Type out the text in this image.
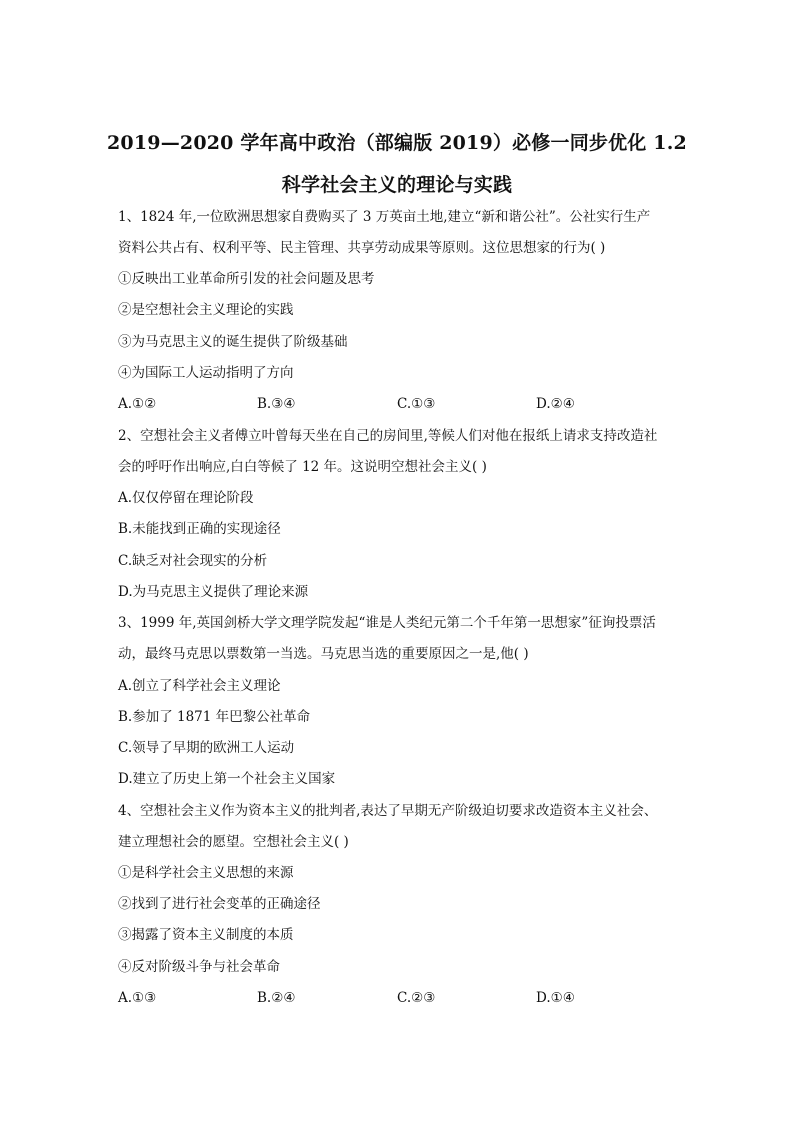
2019—2020 学年高中政治（部编版 2019）必修一同步优化 1.2
科学社会主义的理论与实践
1、1824 年,一位欧洲思想家自费购买了 3 万英亩土地,建立“新和谐公社”。公社实行生产
资料公共占有、权利平等、民主管理、共享劳动成果等原则。这位思想家的行为( )
①反映出工业革命所引发的社会问题及思考
②是空想社会主义理论的实践
③为马克思主义的诞生提供了阶级基础
④为国际工人运动指明了方向
A.①②	B.③④	C.①③	D.②④
2、空想社会主义者傅立叶曾每天坐在自己的房间里,等候人们对他在报纸上请求支持改造社
会的呼吁作出响应,白白等候了 12 年。这说明空想社会主义( )
A.仅仅停留在理论阶段
B.未能找到正确的实现途径
C.缺乏对社会现实的分析
D.为马克思主义提供了理论来源
3、1999 年,英国剑桥大学文理学院发起“谁是人类纪元第二个千年第一思想家”征询投票活
动，最终马克思以票数第一当选。马克思当选的重要原因之一是,他( )
A.创立了科学社会主义理论
B.参加了 1871 年巴黎公社革命
C.领导了早期的欧洲工人运动
D.建立了历史上第一个社会主义国家
4、空想社会主义作为资本主义的批判者,表达了早期无产阶级迫切要求改造资本主义社会、
建立理想社会的愿望。空想社会主义( )
①是科学社会主义思想的来源
②找到了进行社会变革的正确途径
③揭露了资本主义制度的本质
④反对阶级斗争与社会革命
A.①③	B.②④	C.②③	D.①④
